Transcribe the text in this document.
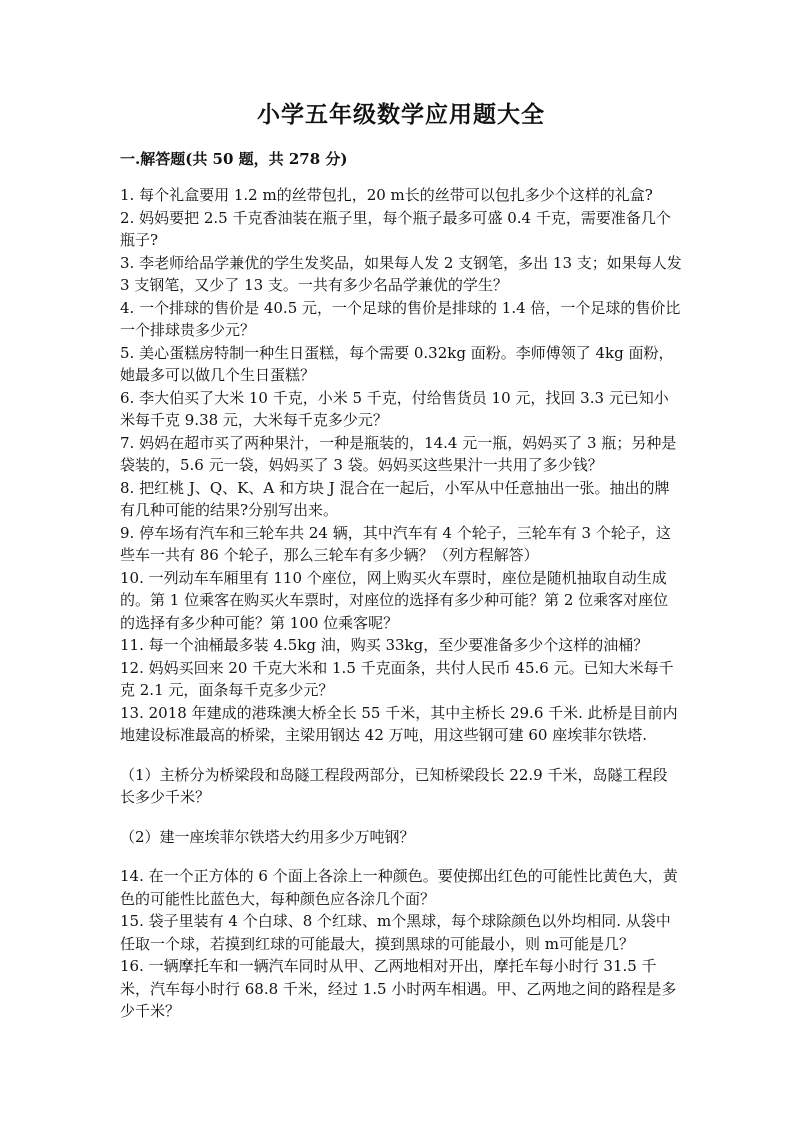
小学五年级数学应用题大全
一.解答题(共 50 题，共 278 分)

1. 每个礼盒要用 1.2 m的丝带包扎，20 m长的丝带可以包扎多少个这样的礼盒?

2. 妈妈要把 2.5 千克香油装在瓶子里，每个瓶子最多可盛 0.4 千克，需要准备几个瓶子?

3. 李老师给品学兼优的学生发奖品，如果每人发 2 支钢笔，多出 13 支；如果每人发 3 支钢笔，又少了 13 支。一共有多少名品学兼优的学生？

4. 一个排球的售价是 40.5 元，一个足球的售价是排球的 1.4 倍，一个足球的售价比一个排球贵多少元？

5. 美心蛋糕房特制一种生日蛋糕，每个需要 0.32kg 面粉。李师傅领了 4kg 面粉，她最多可以做几个生日蛋糕？

6. 李大伯买了大米 10 千克，小米 5 千克，付给售货员 10 元，找回 3.3 元已知小米每千克 9.38 元，大米每千克多少元？

7. 妈妈在超市买了两种果汁，一种是瓶装的，14.4 元一瓶，妈妈买了 3 瓶；另种是袋装的，5.6 元一袋，妈妈买了 3 袋。妈妈买这些果汁一共用了多少钱？

8. 把红桃 J、Q、K、A 和方块 J 混合在一起后，小军从中任意抽出一张。抽出的牌有几种可能的结果?分别写出来。

9. 停车场有汽车和三轮车共 24 辆，其中汽车有 4 个轮子，三轮车有 3 个轮子，这些车一共有 86 个轮子，那么三轮车有多少辆？（列方程解答）

10. 一列动车车厢里有 110 个座位，网上购买火车票时，座位是随机抽取自动生成的。第 1 位乘客在购买火车票时，对座位的选择有多少种可能？第 2 位乘客对座位的选择有多少种可能？第 100 位乘客呢？

11. 每一个油桶最多装 4.5kg 油，购买 33kg，至少要准备多少个这样的油桶？

12. 妈妈买回来 20 千克大米和 1.5 千克面条，共付人民币 45.6 元。已知大米每千克 2.1 元，面条每千克多少元？

13. 2018 年建成的港珠澳大桥全长 55 千米，其中主桥长 29.6 千米. 此桥是目前内地建设标准最高的桥梁，主梁用钢达 42 万吨，用这些钢可建 60 座埃菲尔铁塔.

（1）主桥分为桥梁段和岛隧工程段两部分，已知桥梁段长 22.9 千米，岛隧工程段长多少千米？

（2）建一座埃菲尔铁塔大约用多少万吨钢？

14. 在一个正方体的 6 个面上各涂上一种颜色。要使掷出红色的可能性比黄色大，黄色的可能性比蓝色大，每种颜色应各涂几个面？

15. 袋子里装有 4 个白球、8 个红球、m个黑球，每个球除颜色以外均相同. 从袋中任取一个球，若摸到红球的可能最大，摸到黑球的可能最小，则 m可能是几？

16. 一辆摩托车和一辆汽车同时从甲、乙两地相对开出，摩托车每小时行 31.5 千米，汽车每小时行 68.8 千米，经过 1.5 小时两车相遇。甲、乙两地之间的路程是多少千米？
